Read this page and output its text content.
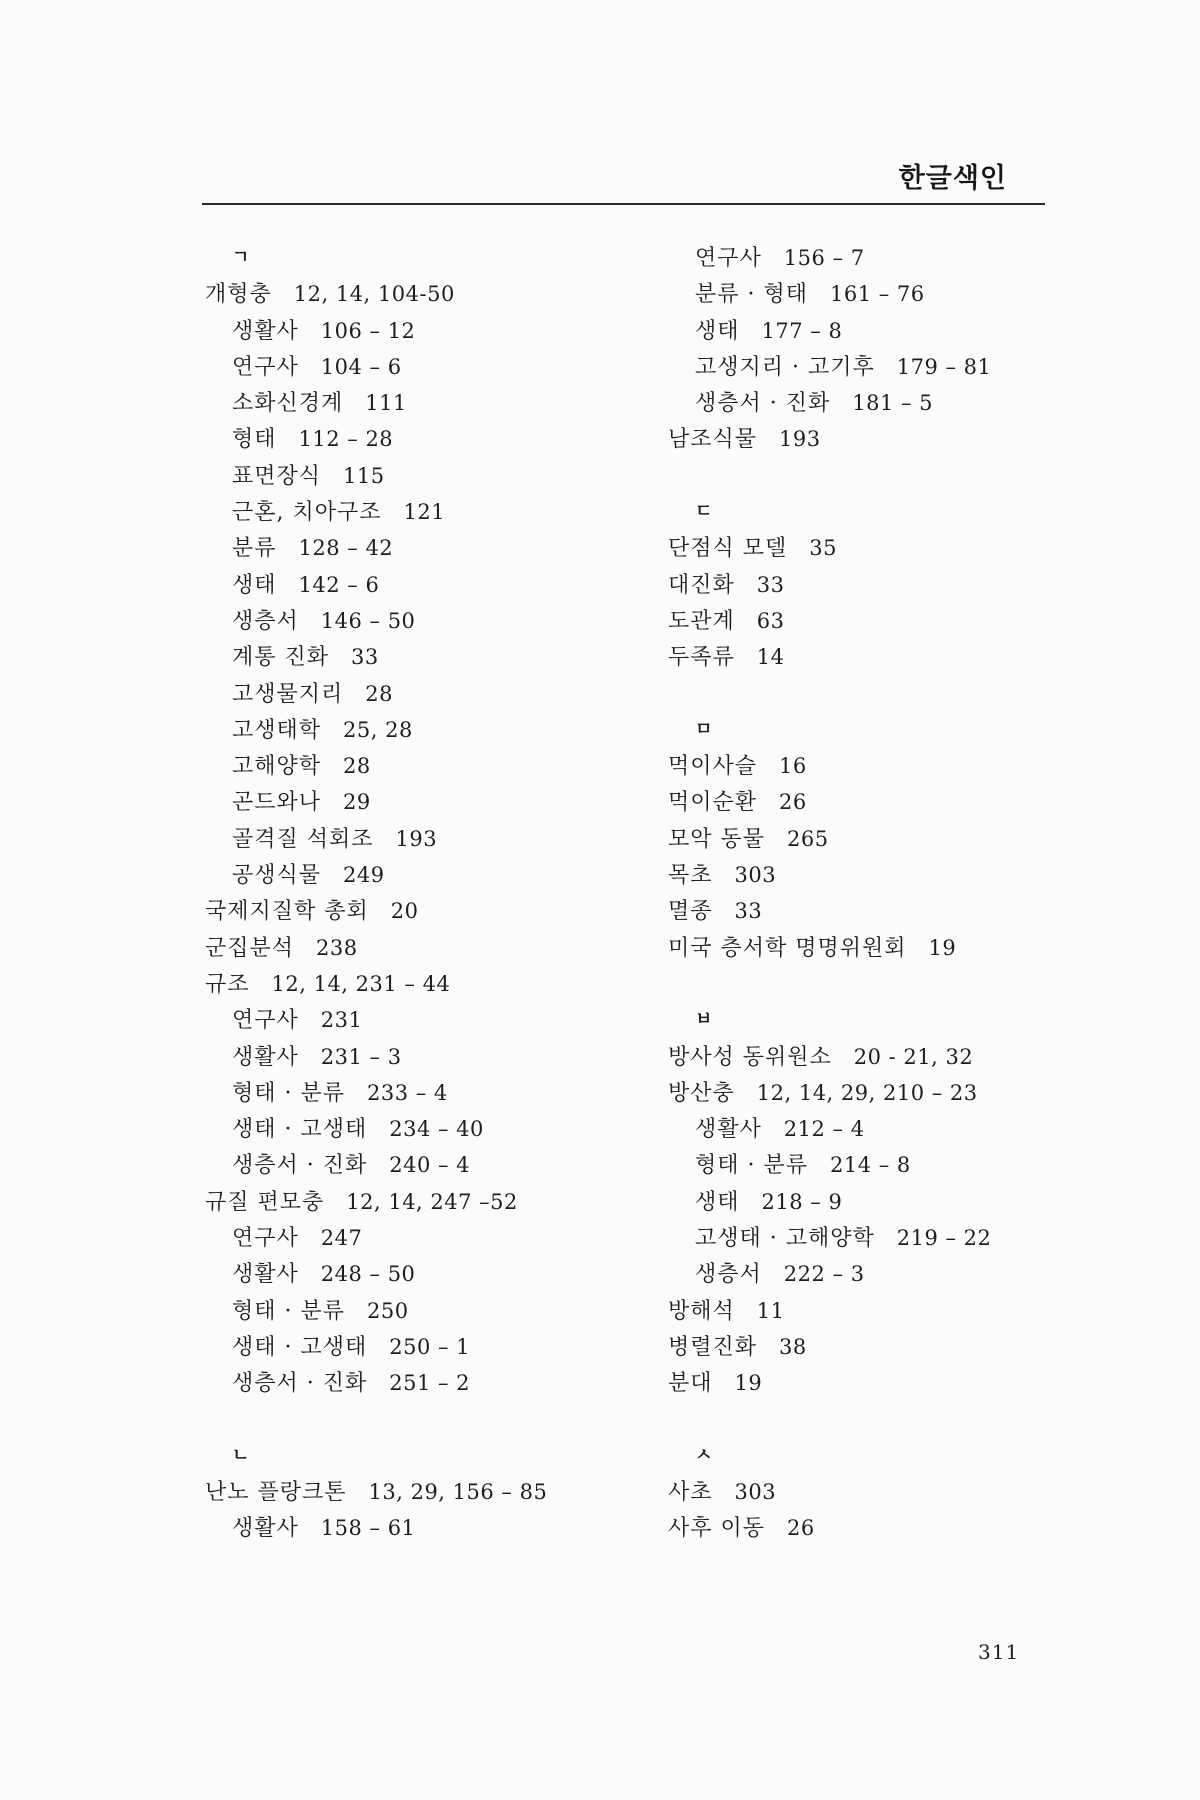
한글색인
ㄱ
개형충 12, 14, 104-50
생활사 106 – 12
연구사 104 – 6
소화신경계 111
형태 112 – 28
표면장식 115
근혼, 치아구조 121
분류 128 – 42
생태 142 – 6
생층서 146 – 50
계통 진화 33
고생물지리 28
고생태학 25, 28
고해양학 28
곤드와나 29
골격질 석회조 193
공생식물 249
국제지질학 총회 20
군집분석 238
규조 12, 14, 231 – 44
연구사 231
생활사 231 – 3
형태 · 분류 233 – 4
생태 · 고생태 234 – 40
생층서 · 진화 240 – 4
규질 편모충 12, 14, 247 –52
연구사 247
생활사 248 – 50
형태 · 분류 250
생태 · 고생태 250 – 1
생층서 · 진화 251 – 2
ㄴ
난노 플랑크톤 13, 29, 156 – 85
생활사 158 – 61
연구사 156 – 7
분류 · 형태 161 – 76
생태 177 – 8
고생지리 · 고기후 179 – 81
생층서 · 진화 181 – 5
남조식물 193
ㄷ
단점식 모델 35
대진화 33
도관계 63
두족류 14
ㅁ
먹이사슬 16
먹이순환 26
모악 동물 265
목초 303
멸종 33
미국 층서학 명명위원회 19
ㅂ
방사성 동위원소 20 - 21, 32
방산충 12, 14, 29, 210 – 23
생활사 212 – 4
형태 · 분류 214 – 8
생태 218 – 9
고생태 · 고해양학 219 – 22
생층서 222 – 3
방해석 11
병렬진화 38
분대 19
ㅅ
사초 303
사후 이동 26
311
